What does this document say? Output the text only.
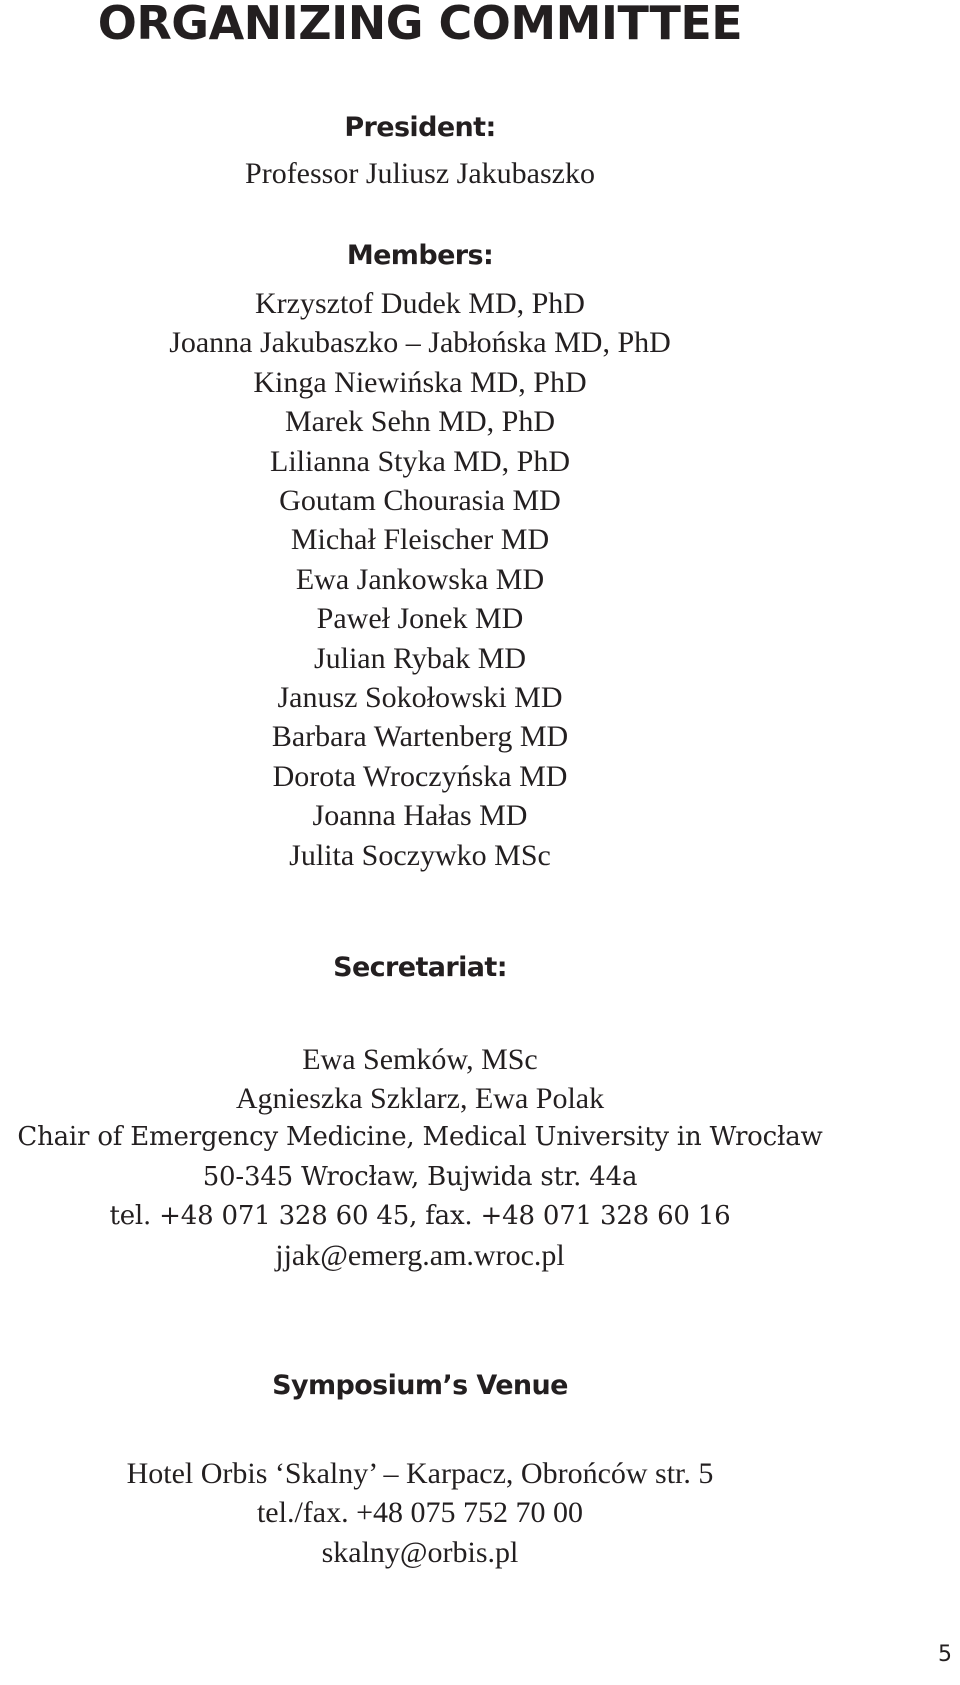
ORGANIZING COMMITTEE
President:
Professor Juliusz Jakubaszko
Members:
Krzysztof Dudek MD, PhD
Joanna Jakubaszko – Jabłońska MD, PhD
Kinga Niewińska MD, PhD
Marek Sehn MD, PhD
Lilianna Styka MD, PhD
Goutam Chourasia MD
Michał Fleischer MD
Ewa Jankowska MD
Paweł Jonek MD
Julian Rybak MD
Janusz Sokołowski MD
Barbara Wartenberg MD
Dorota Wroczyńska MD
Joanna Hałas MD
Julita Soczywko MSc
Secretariat:
Ewa Semków, MSc
Agnieszka Szklarz, Ewa Polak
Chair of Emergency Medicine, Medical University in Wrocław
50-345 Wrocław, Bujwida str. 44a
tel. +48 071 328 60 45, fax. +48 071 328 60 16
jjak@emerg.am.wroc.pl
Symposium’s Venue
Hotel Orbis ‘Skalny’ – Karpacz, Obrońców str. 5
tel./fax. +48 075 752 70 00
skalny@orbis.pl
5
